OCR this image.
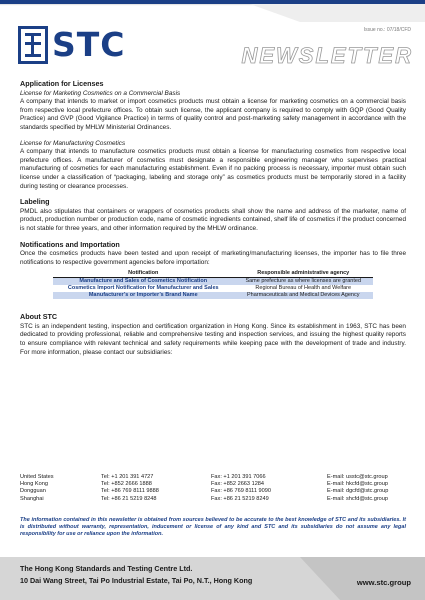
STC	Issue no.: 07/18/CFD
NEWSLETTER
Application for Licenses
License for Marketing Cosmetics on a Commercial Basis

A company that intends to market or import cosmetics products must obtain a license for marketing cosmetics on a commercial basis from respective local prefecture offices. To obtain such license, the applicant company is required to comply with GQP (Good Quality Practice) and GVP (Good Vigilance Practice) in terms of quality control and post-marketing safety management in accordance with the standards specified by MHLW Ministerial Ordinances.

License for Manufacturing Cosmetics

A company that intends to manufacture cosmetics products must obtain a license for manufacturing cosmetics from respective local prefecture offices. A manufacturer of cosmetics must designate a responsible engineering manager who supervises practical manufacturing of cosmetics for each manufacturing establishment. Even if no packing process is necessary, importer must obtain such license under a classification of “packaging, labeling and storage only” as cosmetics products must be temporarily stored in a facility during testing or clearance processes.

Labeling

PMDL also stipulates that containers or wrappers of cosmetics products shall show the name and address of the marketer, name of product, production number or production code, name of cosmetic ingredients contained, shelf life of cosmetics if the product concerned is not stable for three years, and other information required by the MHLW ordinance.

Notifications and Importation

Once the cosmetics products have been tested and upon receipt of marketing/manufacturing licenses, the importer has to file three notifications to respective government agencies before importation:

Notification	Responsible administrative agency
Manufacture and Sales of Cosmetics Notification	Same prefecture as where licenses are granted
Cosmetics Import Notification for Manufacturer and Sales	Regional Bureau of Health and Welfare
Manufacturer’s or Importer’s Brand Name	Pharmaceuticals and Medical Devices Agency
About STC

STC is an independent testing, inspection and certification organization in Hong Kong. Since its establishment in 1963, STC has been dedicated to providing professional, reliable and comprehensive testing and inspection services, and issuing the highest quality reports to ensure compliance with relevant technical and safety requirements while keeping pace with the development of trade and industry. For more information, please contact our subsidiaries:

United States	Tel: +1 201 391 4727	Fax: +1 201 391 7066	E-mail: usstc@stc.group
Hong Kong	Tel: +852 2666 1888	Fax: +852 2663 1284	E-mail: hkcfd@stc.group
Dongguan	Tel: +86 769 8111 9888	Fax: +86 769 8111 9090	E-mail: dgcfd@stc.group
Shanghai	Tel: +86 21 5219 8248	Fax: +86 21 5219 8249	E-mail: shcfd@stc.group
The information contained in this newsletter is obtained from sources believed to be accurate to the best knowledge of STC and its subsidiaries. It is distributed without warranty, representation, inducement or license of any kind and STC and its subsidiaries do not assume any legal responsibility for use or reliance upon the information.
The Hong Kong Standards and Testing Centre Ltd.
10 Dai Wang Street, Tai Po Industrial Estate, Tai Po, N.T., Hong Kong	www.stc.group
